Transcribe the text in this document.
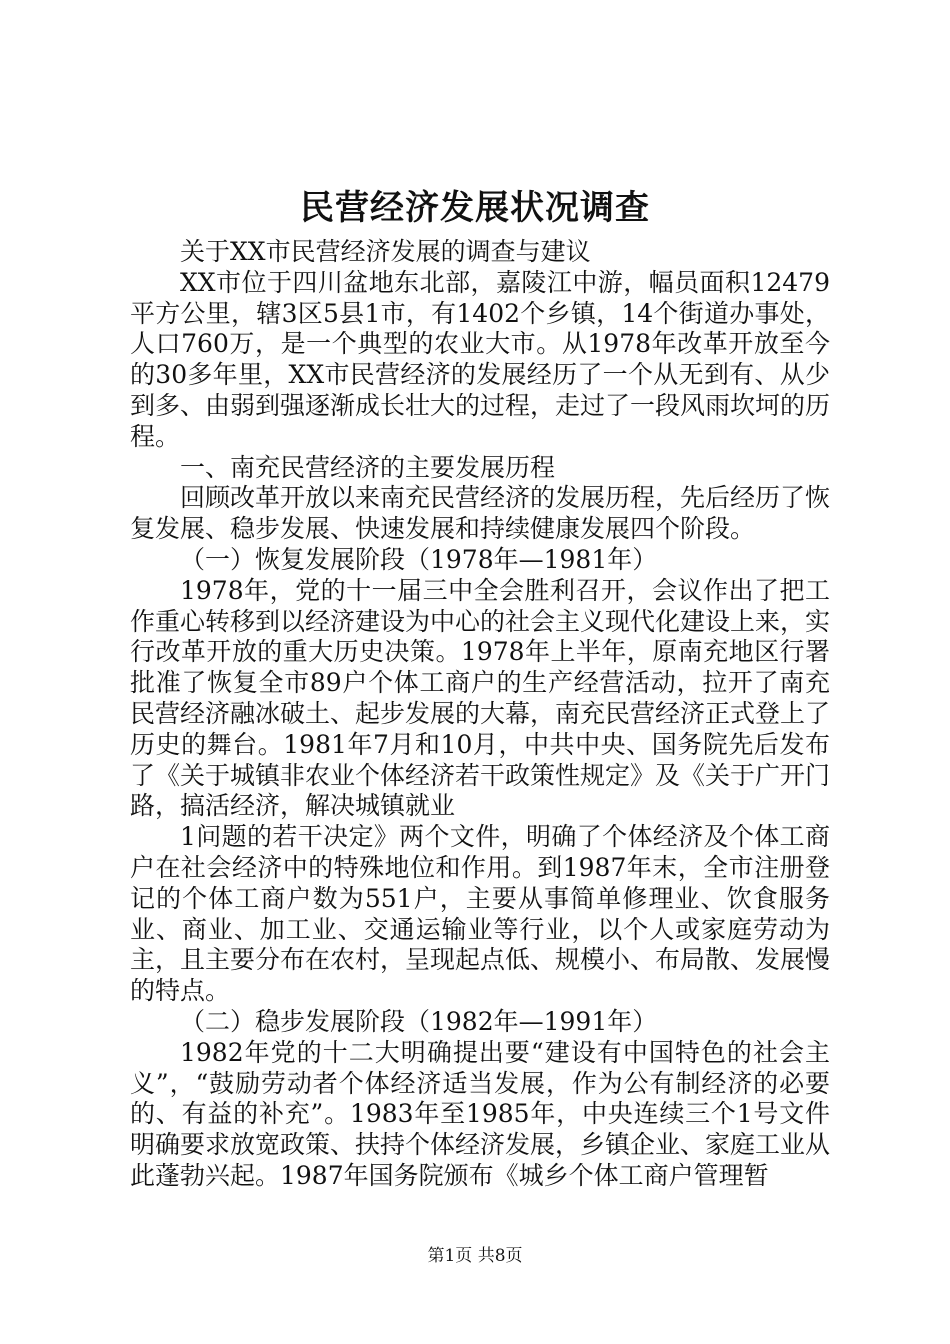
民营经济发展状况调查

关于XX市民营经济发展的调查与建议

XX市位于四川盆地东北部，嘉陵江中游，幅员面积12479平方公里，辖3区5县1市，有1402个乡镇，14个街道办事处，人口760万，是一个典型的农业大市。从1978年改革开放至今的30多年里，XX市民营经济的发展经历了一个从无到有、从少到多、由弱到强逐渐成长壮大的过程，走过了一段风雨坎坷的历程。

一、南充民营经济的主要发展历程

回顾改革开放以来南充民营经济的发展历程，先后经历了恢复发展、稳步发展、快速发展和持续健康发展四个阶段。

（一）恢复发展阶段（1978年—1981年）

1978年，党的十一届三中全会胜利召开，会议作出了把工作重心转移到以经济建设为中心的社会主义现代化建设上来，实行改革开放的重大历史决策。1978年上半年，原南充地区行署批准了恢复全市89户个体工商户的生产经营活动，拉开了南充民营经济融冰破土、起步发展的大幕，南充民营经济正式登上了历史的舞台。1981年7月和10月，中共中央、国务院先后发布了《关于城镇非农业个体经济若干政策性规定》及《关于广开门路，搞活经济，解决城镇就业

1问题的若干决定》两个文件，明确了个体经济及个体工商户在社会经济中的特殊地位和作用。到1987年末，全市注册登记的个体工商户数为551户，主要从事简单修理业、饮食服务业、商业、加工业、交通运输业等行业，以个人或家庭劳动为主，且主要分布在农村，呈现起点低、规模小、布局散、发展慢的特点。

（二）稳步发展阶段（1982年—1991年）

1982年党的十二大明确提出要“建设有中国特色的社会主义”，“鼓励劳动者个体经济适当发展，作为公有制经济的必要的、有益的补充”。1983年至1985年，中央连续三个1号文件明确要求放宽政策、扶持个体经济发展，乡镇企业、家庭工业从此蓬勃兴起。1987年国务院颁布《城乡个体工商户管理暂

第1页 共8页
